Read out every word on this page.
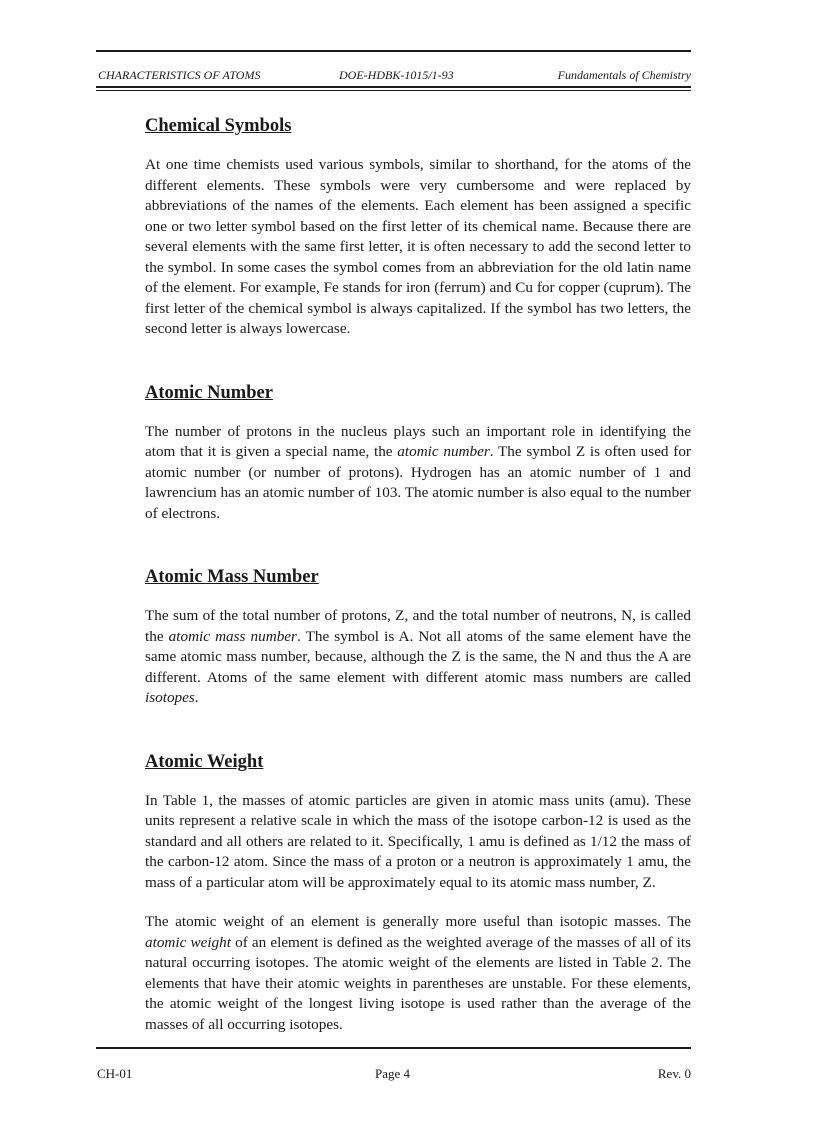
CHARACTERISTICS OF ATOMS	DOE-HDBK-1015/1-93	Fundamentals of Chemistry
Chemical Symbols

At one time chemists used various symbols, similar to shorthand, for the atoms of the different elements. These symbols were very cumbersome and were replaced by abbreviations of the names of the elements. Each element has been assigned a specific one or two letter symbol based on the first letter of its chemical name. Because there are several elements with the same first letter, it is often necessary to add the second letter to the symbol. In some cases the symbol comes from an abbreviation for the old latin name of the element. For example, Fe stands for iron (ferrum) and Cu for copper (cuprum). The first letter of the chemical symbol is always capitalized. If the symbol has two letters, the second letter is always lowercase.

Atomic Number

The number of protons in the nucleus plays such an important role in identifying the atom that it is given a special name, the atomic number. The symbol Z is often used for atomic number (or number of protons). Hydrogen has an atomic number of 1 and lawrencium has an atomic number of 103. The atomic number is also equal to the number of electrons.

Atomic Mass Number

The sum of the total number of protons, Z, and the total number of neutrons, N, is called the atomic mass number. The symbol is A. Not all atoms of the same element have the same atomic mass number, because, although the Z is the same, the N and thus the A are different. Atoms of the same element with different atomic mass numbers are called isotopes.

Atomic Weight

In Table 1, the masses of atomic particles are given in atomic mass units (amu). These units represent a relative scale in which the mass of the isotope carbon-12 is used as the standard and all others are related to it. Specifically, 1 amu is defined as 1/12 the mass of the carbon-12 atom. Since the mass of a proton or a neutron is approximately 1 amu, the mass of a particular atom will be approximately equal to its atomic mass number, Z.

The atomic weight of an element is generally more useful than isotopic masses. The atomic weight of an element is defined as the weighted average of the masses of all of its natural occurring isotopes. The atomic weight of the elements are listed in Table 2. The elements that have their atomic weights in parentheses are unstable. For these elements, the atomic weight of the longest living isotope is used rather than the average of the masses of all occurring isotopes.

CH-01	Page 4	Rev. 0
